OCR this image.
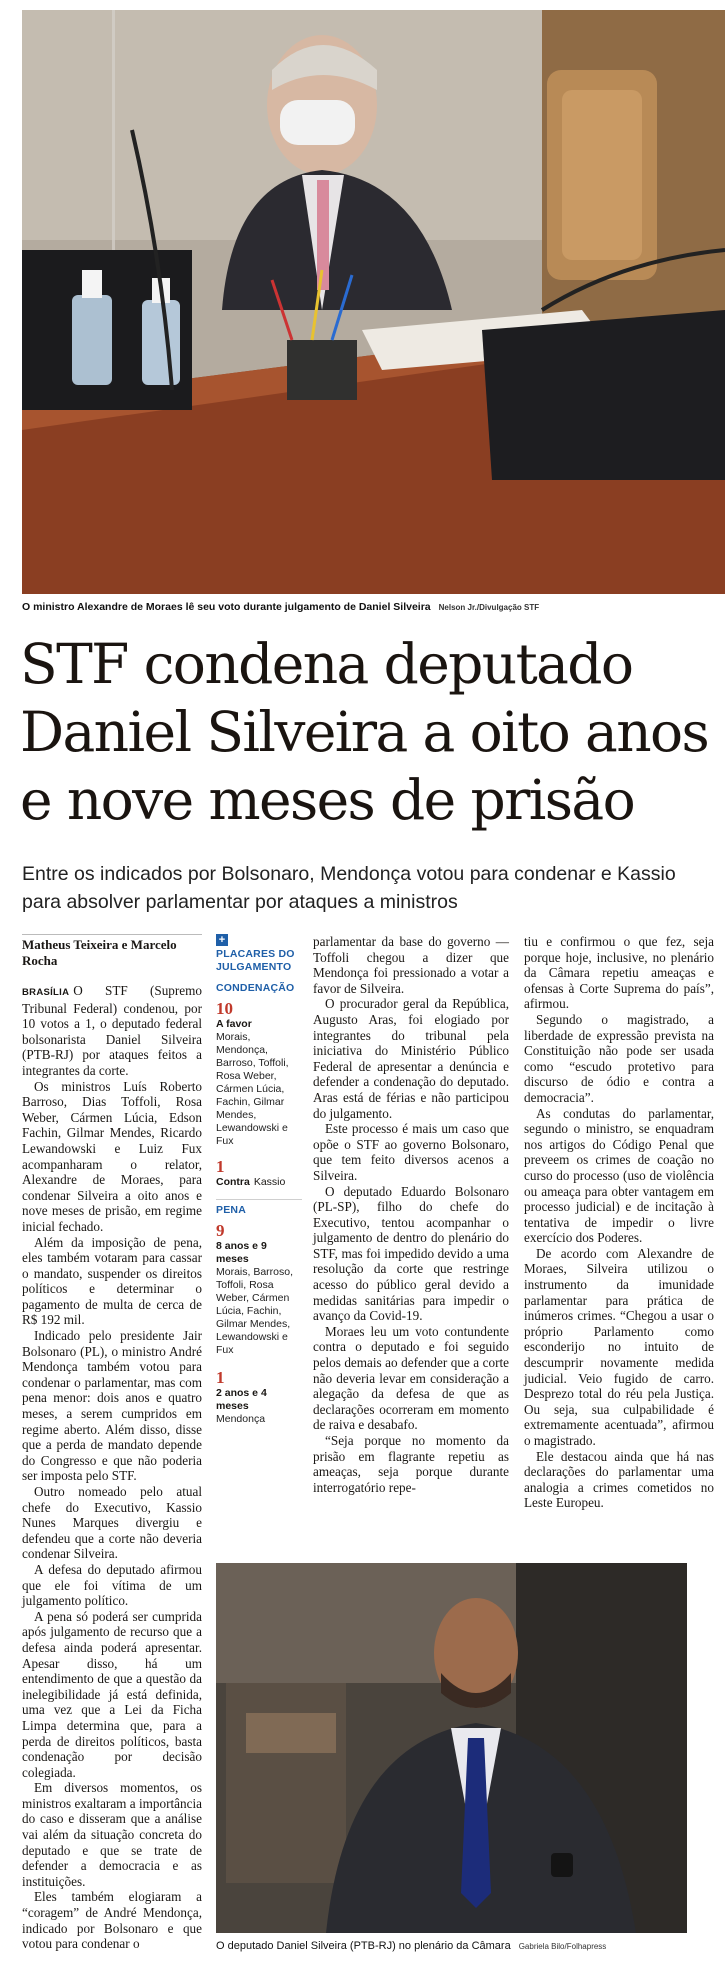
O ministro Alexandre de Moraes lê seu voto durante julgamento de Daniel Silveira Nelson Jr./Divulgação STF
STF condena deputado Daniel Silveira a oito anos e nove meses de prisão

Entre os indicados por Bolsonaro, Mendonça votou para condenar e Kassio para absolver parlamentar por ataques a ministros

Matheus Teixeira e Marcelo Rocha

BRASÍLIA O STF (Supremo Tribunal Federal) condenou, por 10 votos a 1, o deputado federal bolsonarista Daniel Silveira (PTB-RJ) por ataques feitos a integrantes da corte.

Os ministros Luís Roberto Barroso, Dias Toffoli, Rosa Weber, Cármen Lúcia, Edson Fachin, Gilmar Mendes, Ricardo Lewandowski e Luiz Fux acompanharam o relator, Alexandre de Moraes, para condenar Silveira a oito anos e nove meses de prisão, em regime inicial fechado.

Além da imposição de pena, eles também votaram para cassar o mandato, suspender os direitos políticos e determinar o pagamento de multa de cerca de R$ 192 mil.

Indicado pelo presidente Jair Bolsonaro (PL), o ministro André Mendonça também votou para condenar o parlamentar, mas com pena menor: dois anos e quatro meses, a serem cumpridos em regime aberto. Além disso, disse que a perda de mandato depende do Congresso e que não poderia ser imposta pelo STF.

Outro nomeado pelo atual chefe do Executivo, Kassio Nunes Marques divergiu e defendeu que a corte não deveria condenar Silveira.

A defesa do deputado afirmou que ele foi vítima de um julgamento político.

A pena só poderá ser cumprida após julgamento de recurso que a defesa ainda poderá apresentar. Apesar disso, há um entendimento de que a questão da inelegibilidade já está definida, uma vez que a Lei da Ficha Limpa determina que, para a perda de direitos políticos, basta condenação por decisão colegiada.

Em diversos momentos, os ministros exaltaram a importância do caso e disseram que a análise vai além da situação concreta do deputado e que se trate de defender a democracia e as instituições.

Eles também elogiaram a “coragem” de André Mendonça, indicado por Bolsonaro e que votou para condenar o

+
PLACARES DO JULGAMENTO
CONDENAÇÃO
10
A favor
Morais, Mendonça, Barroso, Toffoli, Rosa Weber, Cármen Lúcia, Fachin, Gilmar Mendes, Lewandowski e Fux
1
Contra Kassio
PENA
9
8 anos e 9 meses
Morais, Barroso, Toffoli, Rosa Weber, Cármen Lúcia, Fachin, Gilmar Mendes, Lewandowski e Fux
1
2 anos e 4 meses
Mendonça

parlamentar da base do governo —Toffoli chegou a dizer que Mendonça foi pressionado a votar a favor de Silveira.

O procurador geral da República, Augusto Aras, foi elogiado por integrantes do tribunal pela iniciativa do Ministério Público Federal de apresentar a denúncia e defender a condenação do deputado. Aras está de férias e não participou do julgamento.

Este processo é mais um caso que opõe o STF ao governo Bolsonaro, que tem feito diversos acenos a Silveira.

O deputado Eduardo Bolsonaro (PL-SP), filho do chefe do Executivo, tentou acompanhar o julgamento de dentro do plenário do STF, mas foi impedido devido a uma resolução da corte que restringe acesso do público geral devido a medidas sanitárias para impedir o avanço da Covid-19.

Moraes leu um voto contundente contra o deputado e foi seguido pelos demais ao defender que a corte não deveria levar em consideração a alegação da defesa de que as declarações ocorreram em momento de raiva e desabafo.

“Seja porque no momento da prisão em flagrante repetiu as ameaças, seja porque durante interrogatório repe-

tiu e confirmou o que fez, seja porque hoje, inclusive, no plenário da Câmara repetiu ameaças e ofensas à Corte Suprema do país”, afirmou.

Segundo o magistrado, a liberdade de expressão prevista na Constituição não pode ser usada como “escudo protetivo para discurso de ódio e contra a democracia”.

As condutas do parlamentar, segundo o ministro, se enquadram nos artigos do Código Penal que preveem os crimes de coação no curso do processo (uso de violência ou ameaça para obter vantagem em processo judicial) e de incitação à tentativa de impedir o livre exercício dos Poderes.

De acordo com Alexandre de Moraes, Silveira utilizou o instrumento da imunidade parlamentar para prática de inúmeros crimes. “Chegou a usar o próprio Parlamento como esconderijo no intuito de descumprir novamente medida judicial. Veio fugido de carro. Desprezo total do réu pela Justiça. Ou seja, sua culpabilidade é extremamente acentuada”, afirmou o magistrado.

Ele destacou ainda que há nas declarações do parlamentar uma analogia a crimes cometidos no Leste Europeu.

O deputado Daniel Silveira (PTB-RJ) no plenário da Câmara Gabriela Bilo/Folhapress
